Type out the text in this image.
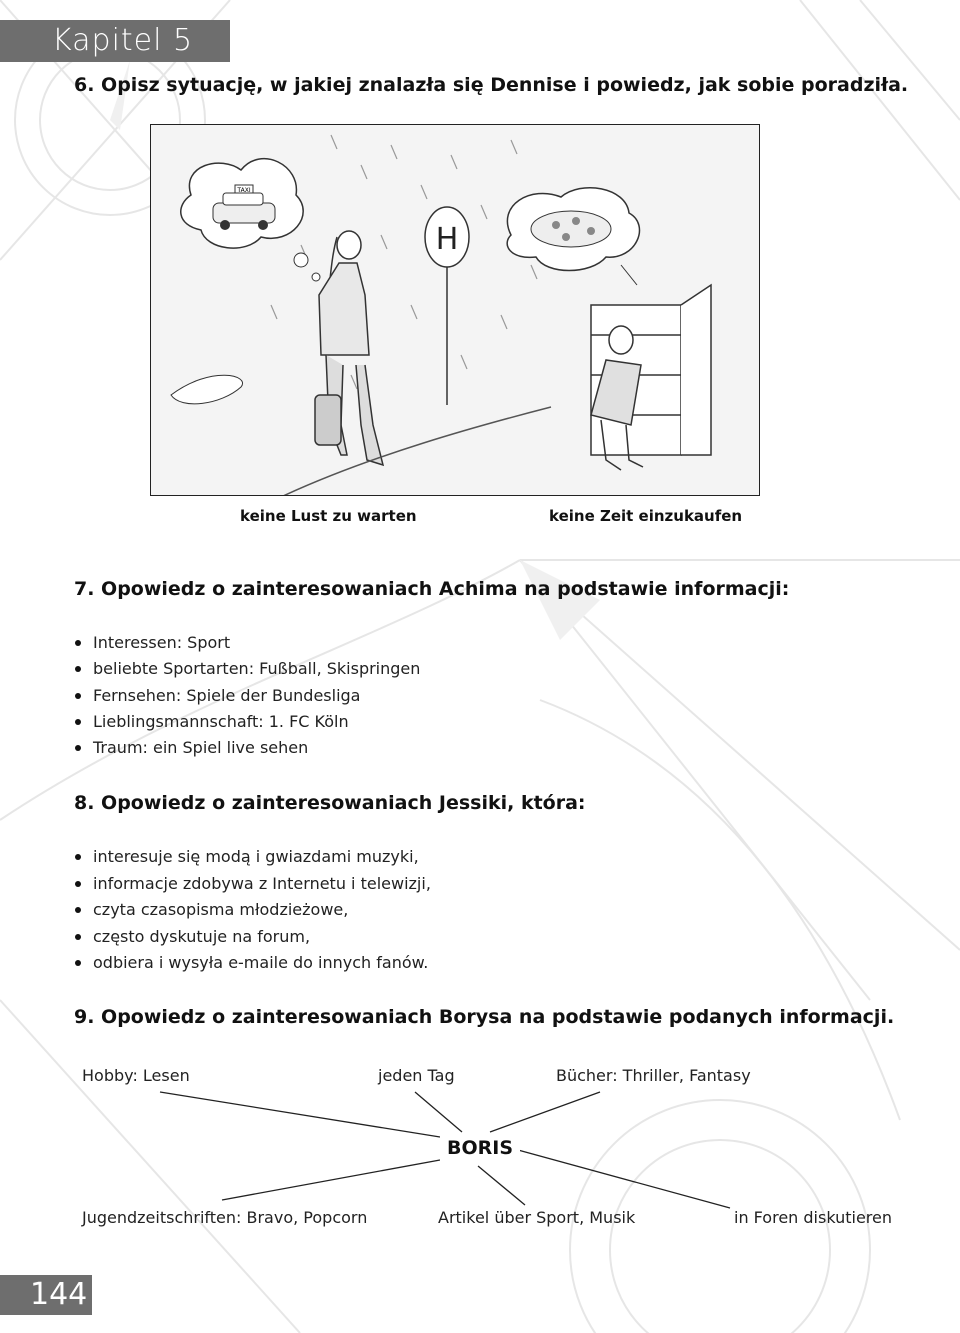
Kapitel 5
6. Opisz sytuację, w jakiej znalazła się Dennise i powiedz, jak sobie poradziła.
TAXI
H
keine Lust zu warten	keine Zeit einzukaufen
7. Opowiedz o zainteresowaniach Achima na podstawie informacji:
Interessen: Sport
beliebte Sportarten: Fußball, Skispringen
Fernsehen: Spiele der Bundesliga
Lieblingsmannschaft: 1. FC Köln
Traum: ein Spiel live sehen
8. Opowiedz o zainteresowaniach Jessiki, która:
interesuje się modą i gwiazdami muzyki,
informacje zdobywa z Internetu i telewizji,
czyta czasopisma młodzieżowe,
często dyskutuje na forum,
odbiera i wysyła e-maile do innych fanów.
9. Opowiedz o zainteresowaniach Borysa na podstawie podanych informacji.
Hobby: Lesen	jeden Tag	Bücher: Thriller, Fantasy
BORIS
Jugendzeitschriften: Bravo, Popcorn	Artikel über Sport, Musik	in Foren diskutieren
144
